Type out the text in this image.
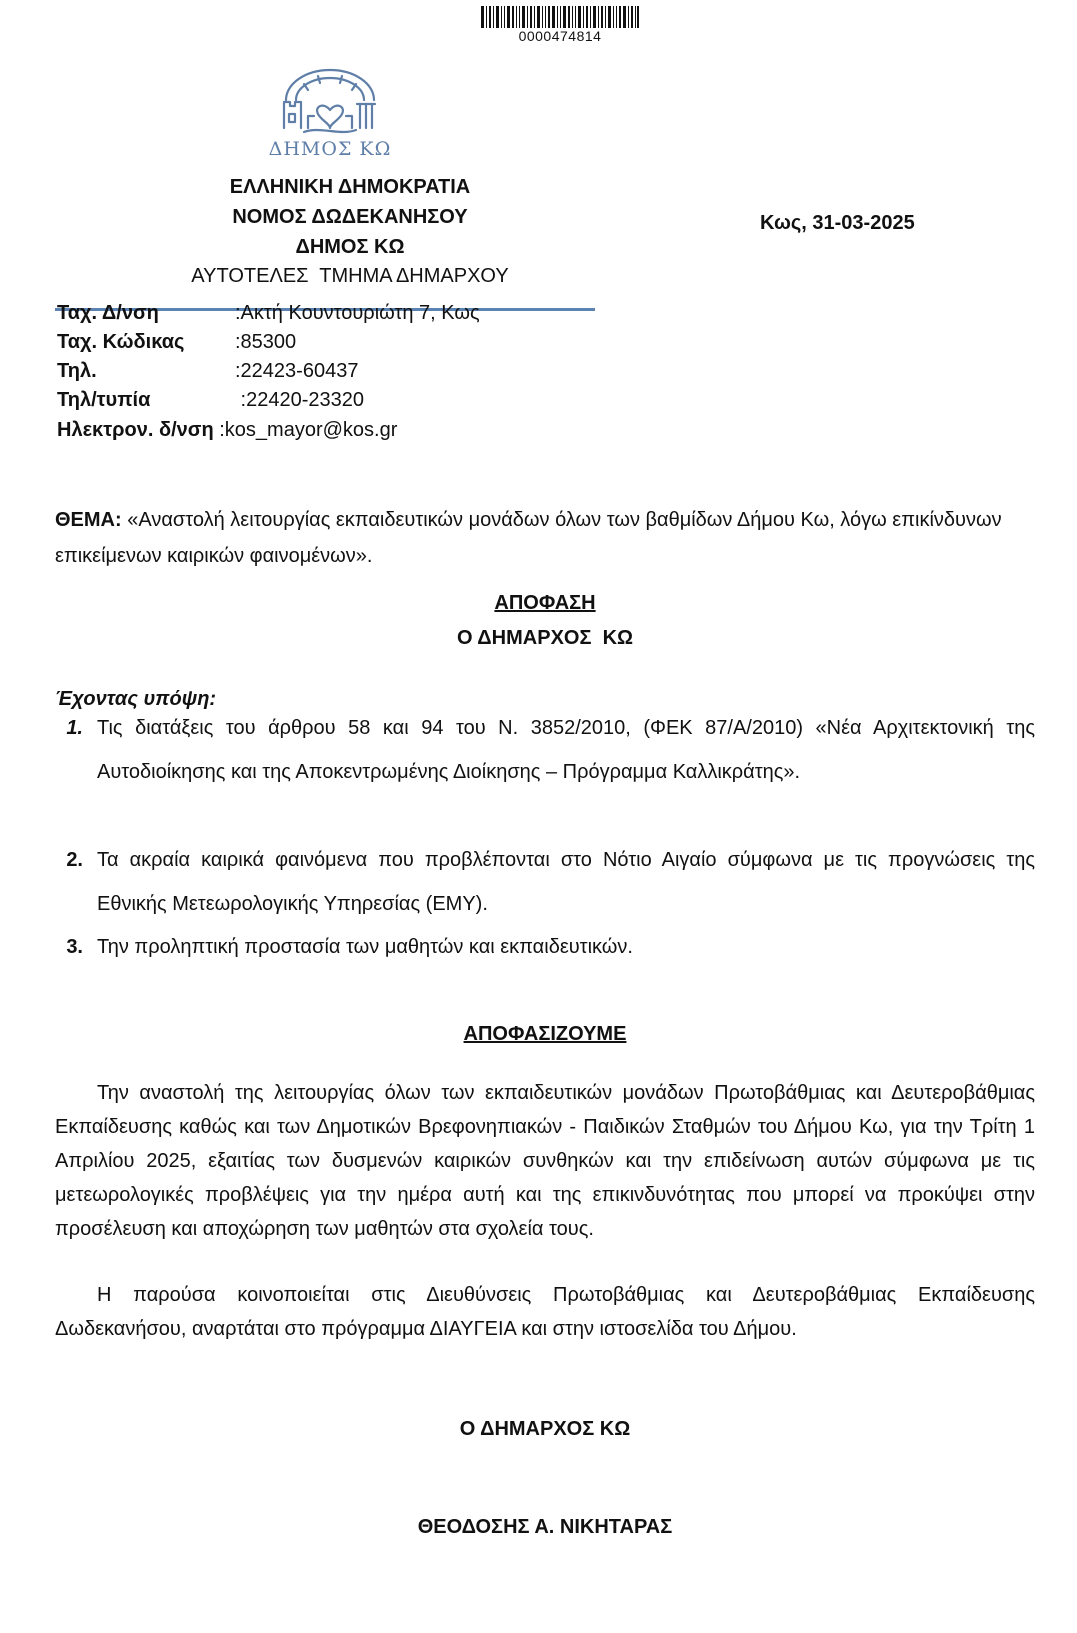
0000474814
ΔΗΜΟΣ ΚΩ
ΕΛΛΗΝΙΚΗ ΔΗΜΟΚΡΑΤΙΑ
ΝΟΜΟΣ ΔΩΔΕΚΑΝΗΣΟΥ
ΔΗΜΟΣ ΚΩ
ΑΥΤΟΤΕΛΕΣ  ΤΜΗΜΑ ΔΗΜΑΡΧΟΥ
Κως, 31-03-2025
Ταχ. Δ/νση	:Ακτή Κουντουριώτη 7, Κως
Ταχ. Κώδικας	:85300
Τηλ.	:22423-60437
Τηλ/τυπία	:22420-23320
Ηλεκτρον. δ/νση :kos_mayor@kos.gr
ΘΕΜΑ: «Αναστολή λειτουργίας εκπαιδευτικών μονάδων όλων των βαθμίδων Δήμου Κω, λόγω επικίνδυνων επικείμενων καιρικών φαινομένων».
ΑΠΟΦΑΣΗ
Ο ΔΗΜΑΡΧΟΣ  ΚΩ
Έχοντας υπόψη:
1. Τις διατάξεις του άρθρου 58 και 94 του Ν. 3852/2010, (ΦΕΚ 87/Α/2010) «Νέα Αρχιτεκτονική της Αυτοδιοίκησης και της Αποκεντρωμένης Διοίκησης – Πρόγραμμα Καλλικράτης».
2. Τα ακραία καιρικά φαινόμενα που προβλέπονται στο Νότιο Αιγαίο σύμφωνα με τις προγνώσεις της Εθνικής Μετεωρολογικής Υπηρεσίας (ΕΜΥ).
3. Την προληπτική προστασία των μαθητών και εκπαιδευτικών.
ΑΠΟΦΑΣΙΖΟΥΜΕ
Την αναστολή της λειτουργίας όλων των εκπαιδευτικών μονάδων Πρωτοβάθμιας και Δευτεροβάθμιας Εκπαίδευσης καθώς και των Δημοτικών Βρεφονηπιακών - Παιδικών Σταθμών του Δήμου Κω, για την Τρίτη 1 Απριλίου 2025, εξαιτίας των δυσμενών καιρικών συνθηκών και την επιδείνωση αυτών σύμφωνα με τις μετεωρολογικές προβλέψεις για την ημέρα αυτή και της επικινδυνότητας που μπορεί να προκύψει στην προσέλευση και αποχώρηση των μαθητών στα σχολεία τους.
Η παρούσα κοινοποιείται στις Διευθύνσεις Πρωτοβάθμιας και Δευτεροβάθμιας Εκπαίδευσης Δωδεκανήσου, αναρτάται στο πρόγραμμα ΔΙΑΥΓΕΙΑ και στην ιστοσελίδα του Δήμου.
Ο ΔΗΜΑΡΧΟΣ ΚΩ
ΘΕΟΔΟΣΗΣ Α. ΝΙΚΗΤΑΡΑΣ
